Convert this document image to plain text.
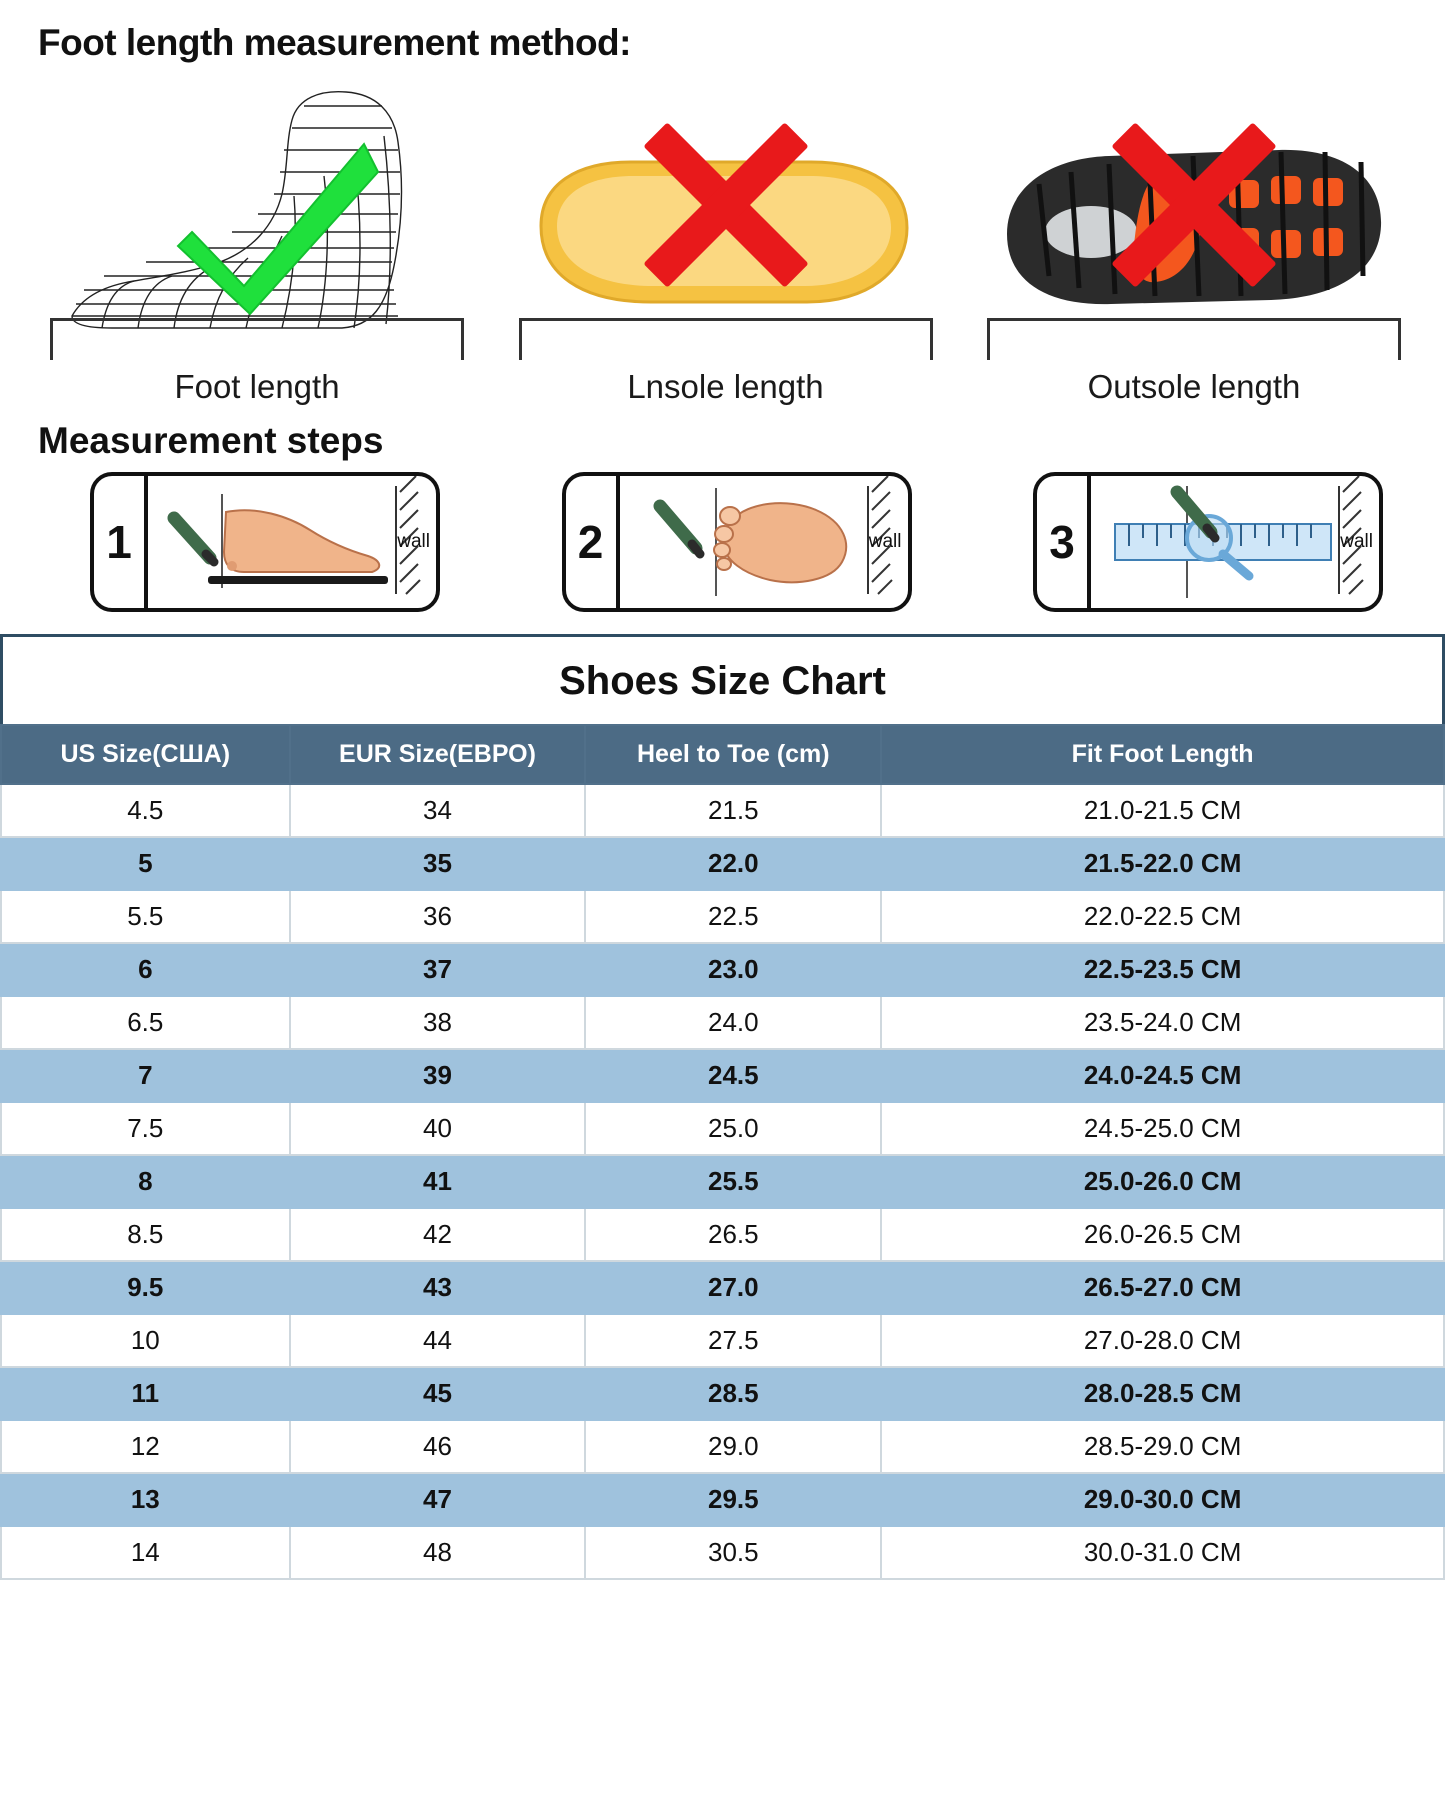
Foot length measurement method:
Foot length	Lnsole length	Outsole length
Measurement steps
1	wall	2	wall	3	wall
Shoes Size Chart
US Size(США)	EUR Size(ЕВРО)	Heel to Toe (cm)	Fit Foot Length
4.5	34	21.5	21.0-21.5 CM
5	35	22.0	21.5-22.0 CM
5.5	36	22.5	22.0-22.5 CM
6	37	23.0	22.5-23.5 CM
6.5	38	24.0	23.5-24.0 CM
7	39	24.5	24.0-24.5 CM
7.5	40	25.0	24.5-25.0 CM
8	41	25.5	25.0-26.0 CM
8.5	42	26.5	26.0-26.5 CM
9.5	43	27.0	26.5-27.0 CM
10	44	27.5	27.0-28.0 CM
11	45	28.5	28.0-28.5 CM
12	46	29.0	28.5-29.0 CM
13	47	29.5	29.0-30.0 CM
14	48	30.5	30.0-31.0 CM
